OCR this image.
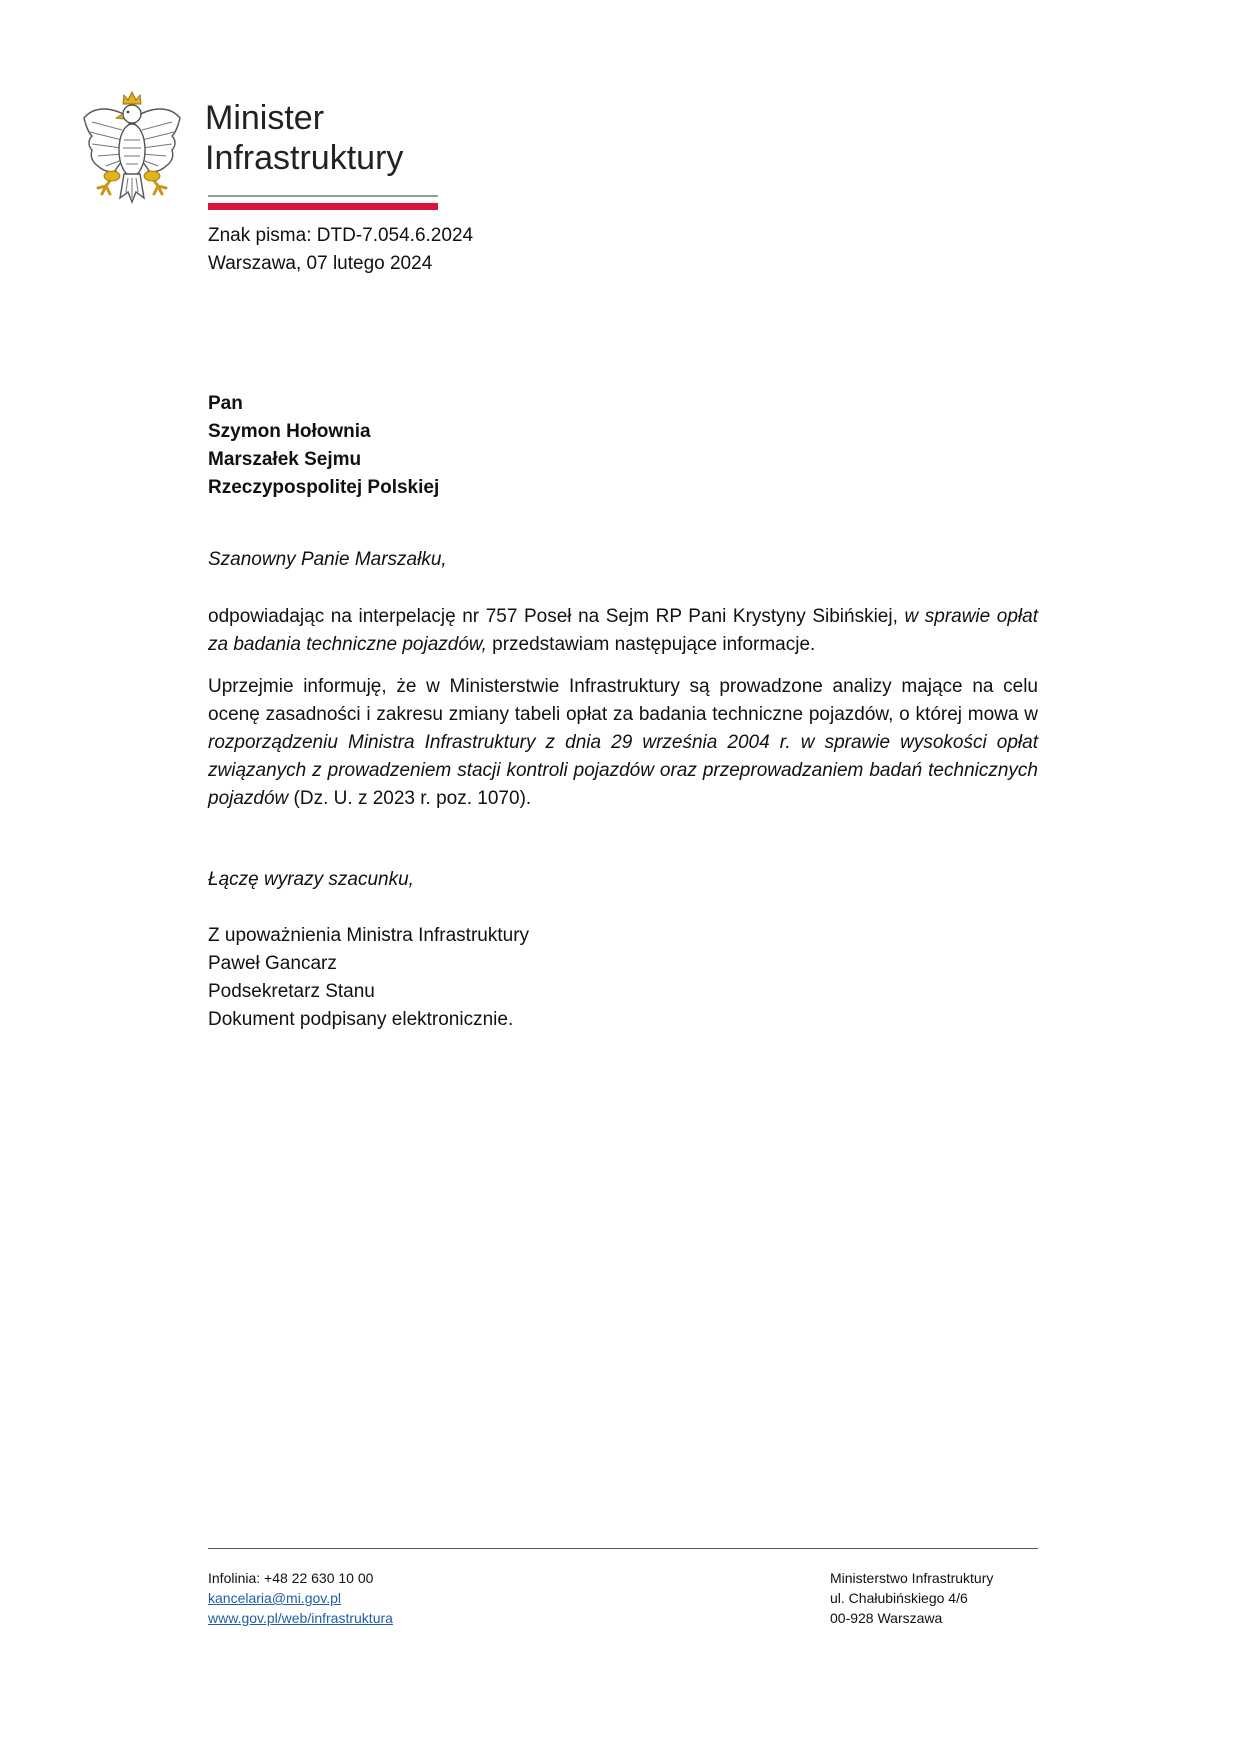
Minister
Infrastruktury
Znak pisma: DTD-7.054.6.2024
Warszawa, 07 lutego 2024
Pan
Szymon Hołownia
Marszałek Sejmu
Rzeczypospolitej Polskiej
Szanowny Panie Marszałku,
odpowiadając na interpelację nr 757 Poseł na Sejm RP Pani Krystyny Sibińskiej, w sprawie opłat za badania techniczne pojazdów, przedstawiam następujące informacje.
Uprzejmie informuję, że w Ministerstwie Infrastruktury są prowadzone analizy mające na celu ocenę zasadności i zakresu zmiany tabeli opłat za badania techniczne pojazdów, o której mowa w rozporządzeniu Ministra Infrastruktury z dnia 29 września 2004 r. w sprawie wysokości opłat związanych z prowadzeniem stacji kontroli pojazdów oraz przeprowadzaniem badań technicznych pojazdów (Dz. U. z 2023 r. poz. 1070).
Łączę wyrazy szacunku,
Z upoważnienia Ministra Infrastruktury
Paweł Gancarz
Podsekretarz Stanu
Dokument podpisany elektronicznie.
Infolinia: +48 22 630 10 00
kancelaria@mi.gov.pl
www.gov.pl/web/infrastruktura
Ministerstwo Infrastruktury
ul. Chałubińskiego 4/6
00-928 Warszawa
